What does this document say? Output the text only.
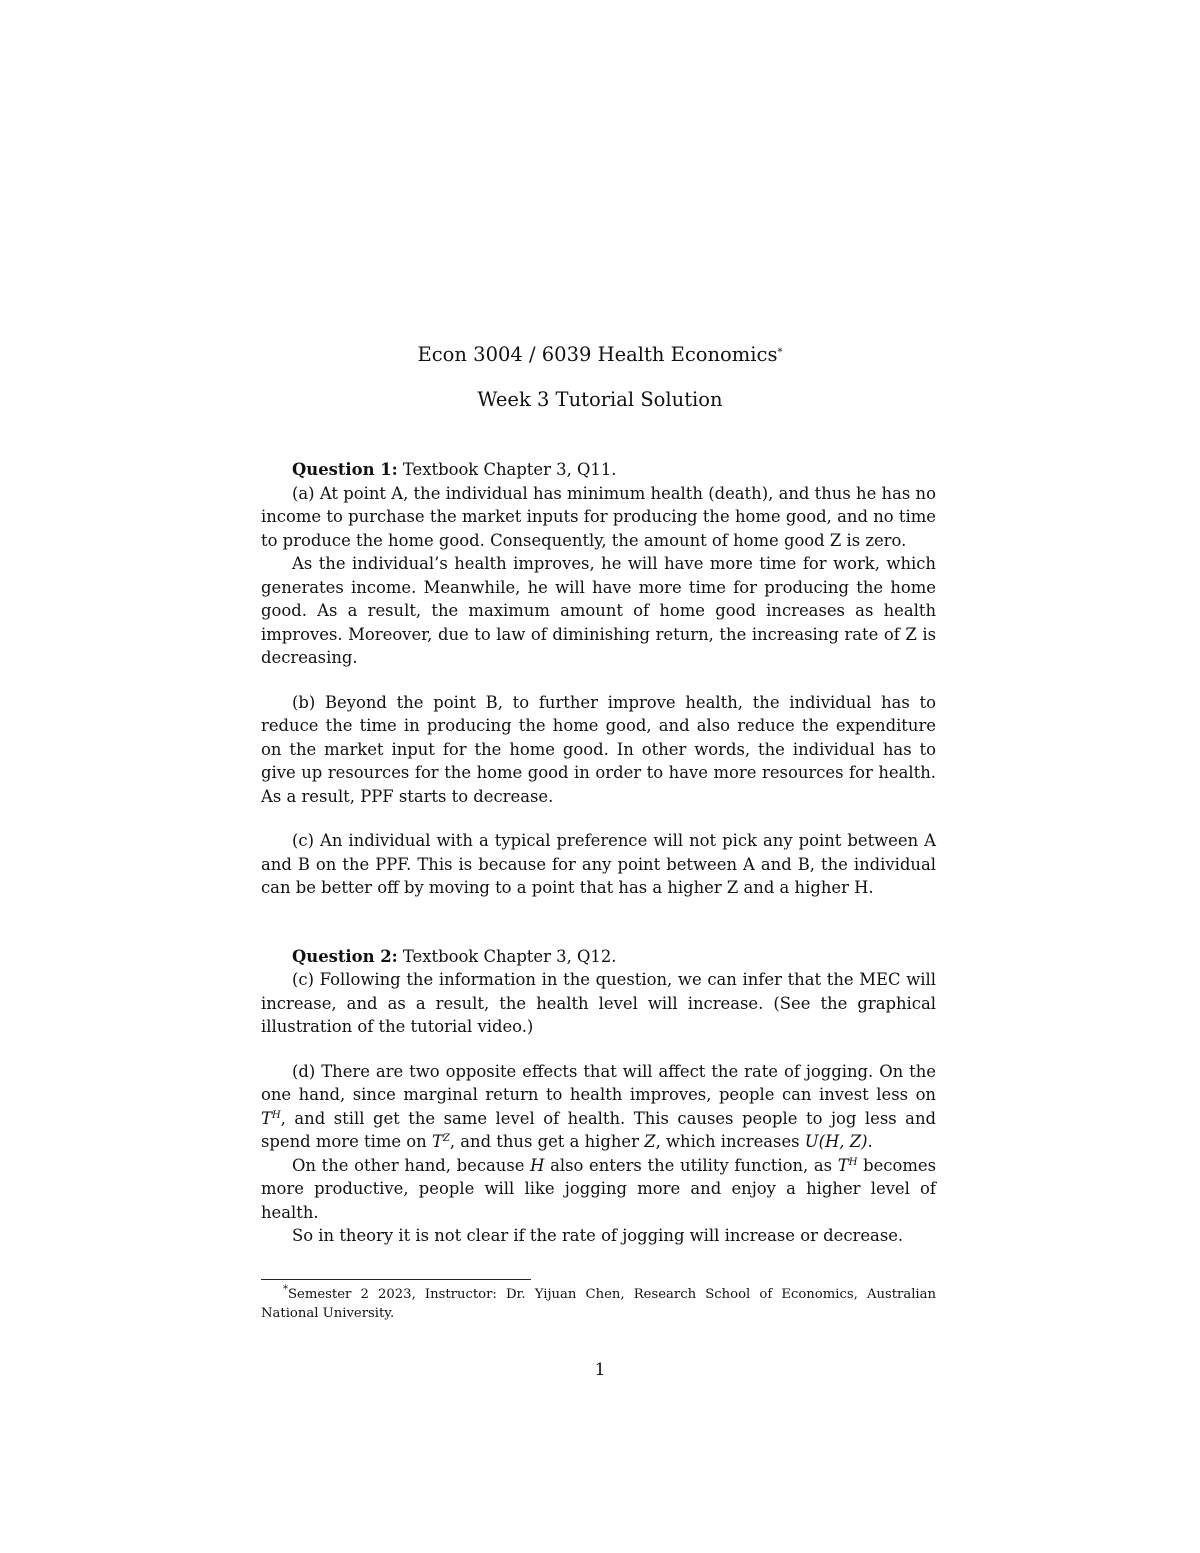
Econ 3004 / 6039 Health Economics*
Week 3 Tutorial Solution

Question 1: Textbook Chapter 3, Q11.

(a) At point A, the individual has minimum health (death), and thus he has no income to purchase the market inputs for producing the home good, and no time to produce the home good. Consequently, the amount of home good Z is zero.

As the individual’s health improves, he will have more time for work, which generates income. Meanwhile, he will have more time for producing the home good. As a result, the maximum amount of home good increases as health improves. Moreover, due to law of diminishing return, the increasing rate of Z is decreasing.

(b) Beyond the point B, to further improve health, the individual has to reduce the time in producing the home good, and also reduce the expenditure on the market input for the home good. In other words, the individual has to give up resources for the home good in order to have more resources for health. As a result, PPF starts to decrease.

(c) An individual with a typical preference will not pick any point between A and B on the PPF. This is because for any point between A and B, the individual can be better off by moving to a point that has a higher Z and a higher H.

Question 2: Textbook Chapter 3, Q12.

(c) Following the information in the question, we can infer that the MEC will increase, and as a result, the health level will increase. (See the graphical illustration of the tutorial video.)

(d) There are two opposite effects that will affect the rate of jogging. On the one hand, since marginal return to health improves, people can invest less on $T^H$, and still get the same level of health. This causes people to jog less and spend more time on $T^Z$, and thus get a higher Z, which increases U(H, Z).

On the other hand, because H also enters the utility function, as $T^H$ becomes more productive, people will like jogging more and enjoy a higher level of health.

So in theory it is not clear if the rate of jogging will increase or decrease.

*Semester 2 2023, Instructor: Dr. Yijuan Chen, Research School of Economics, Australian National University.
1
